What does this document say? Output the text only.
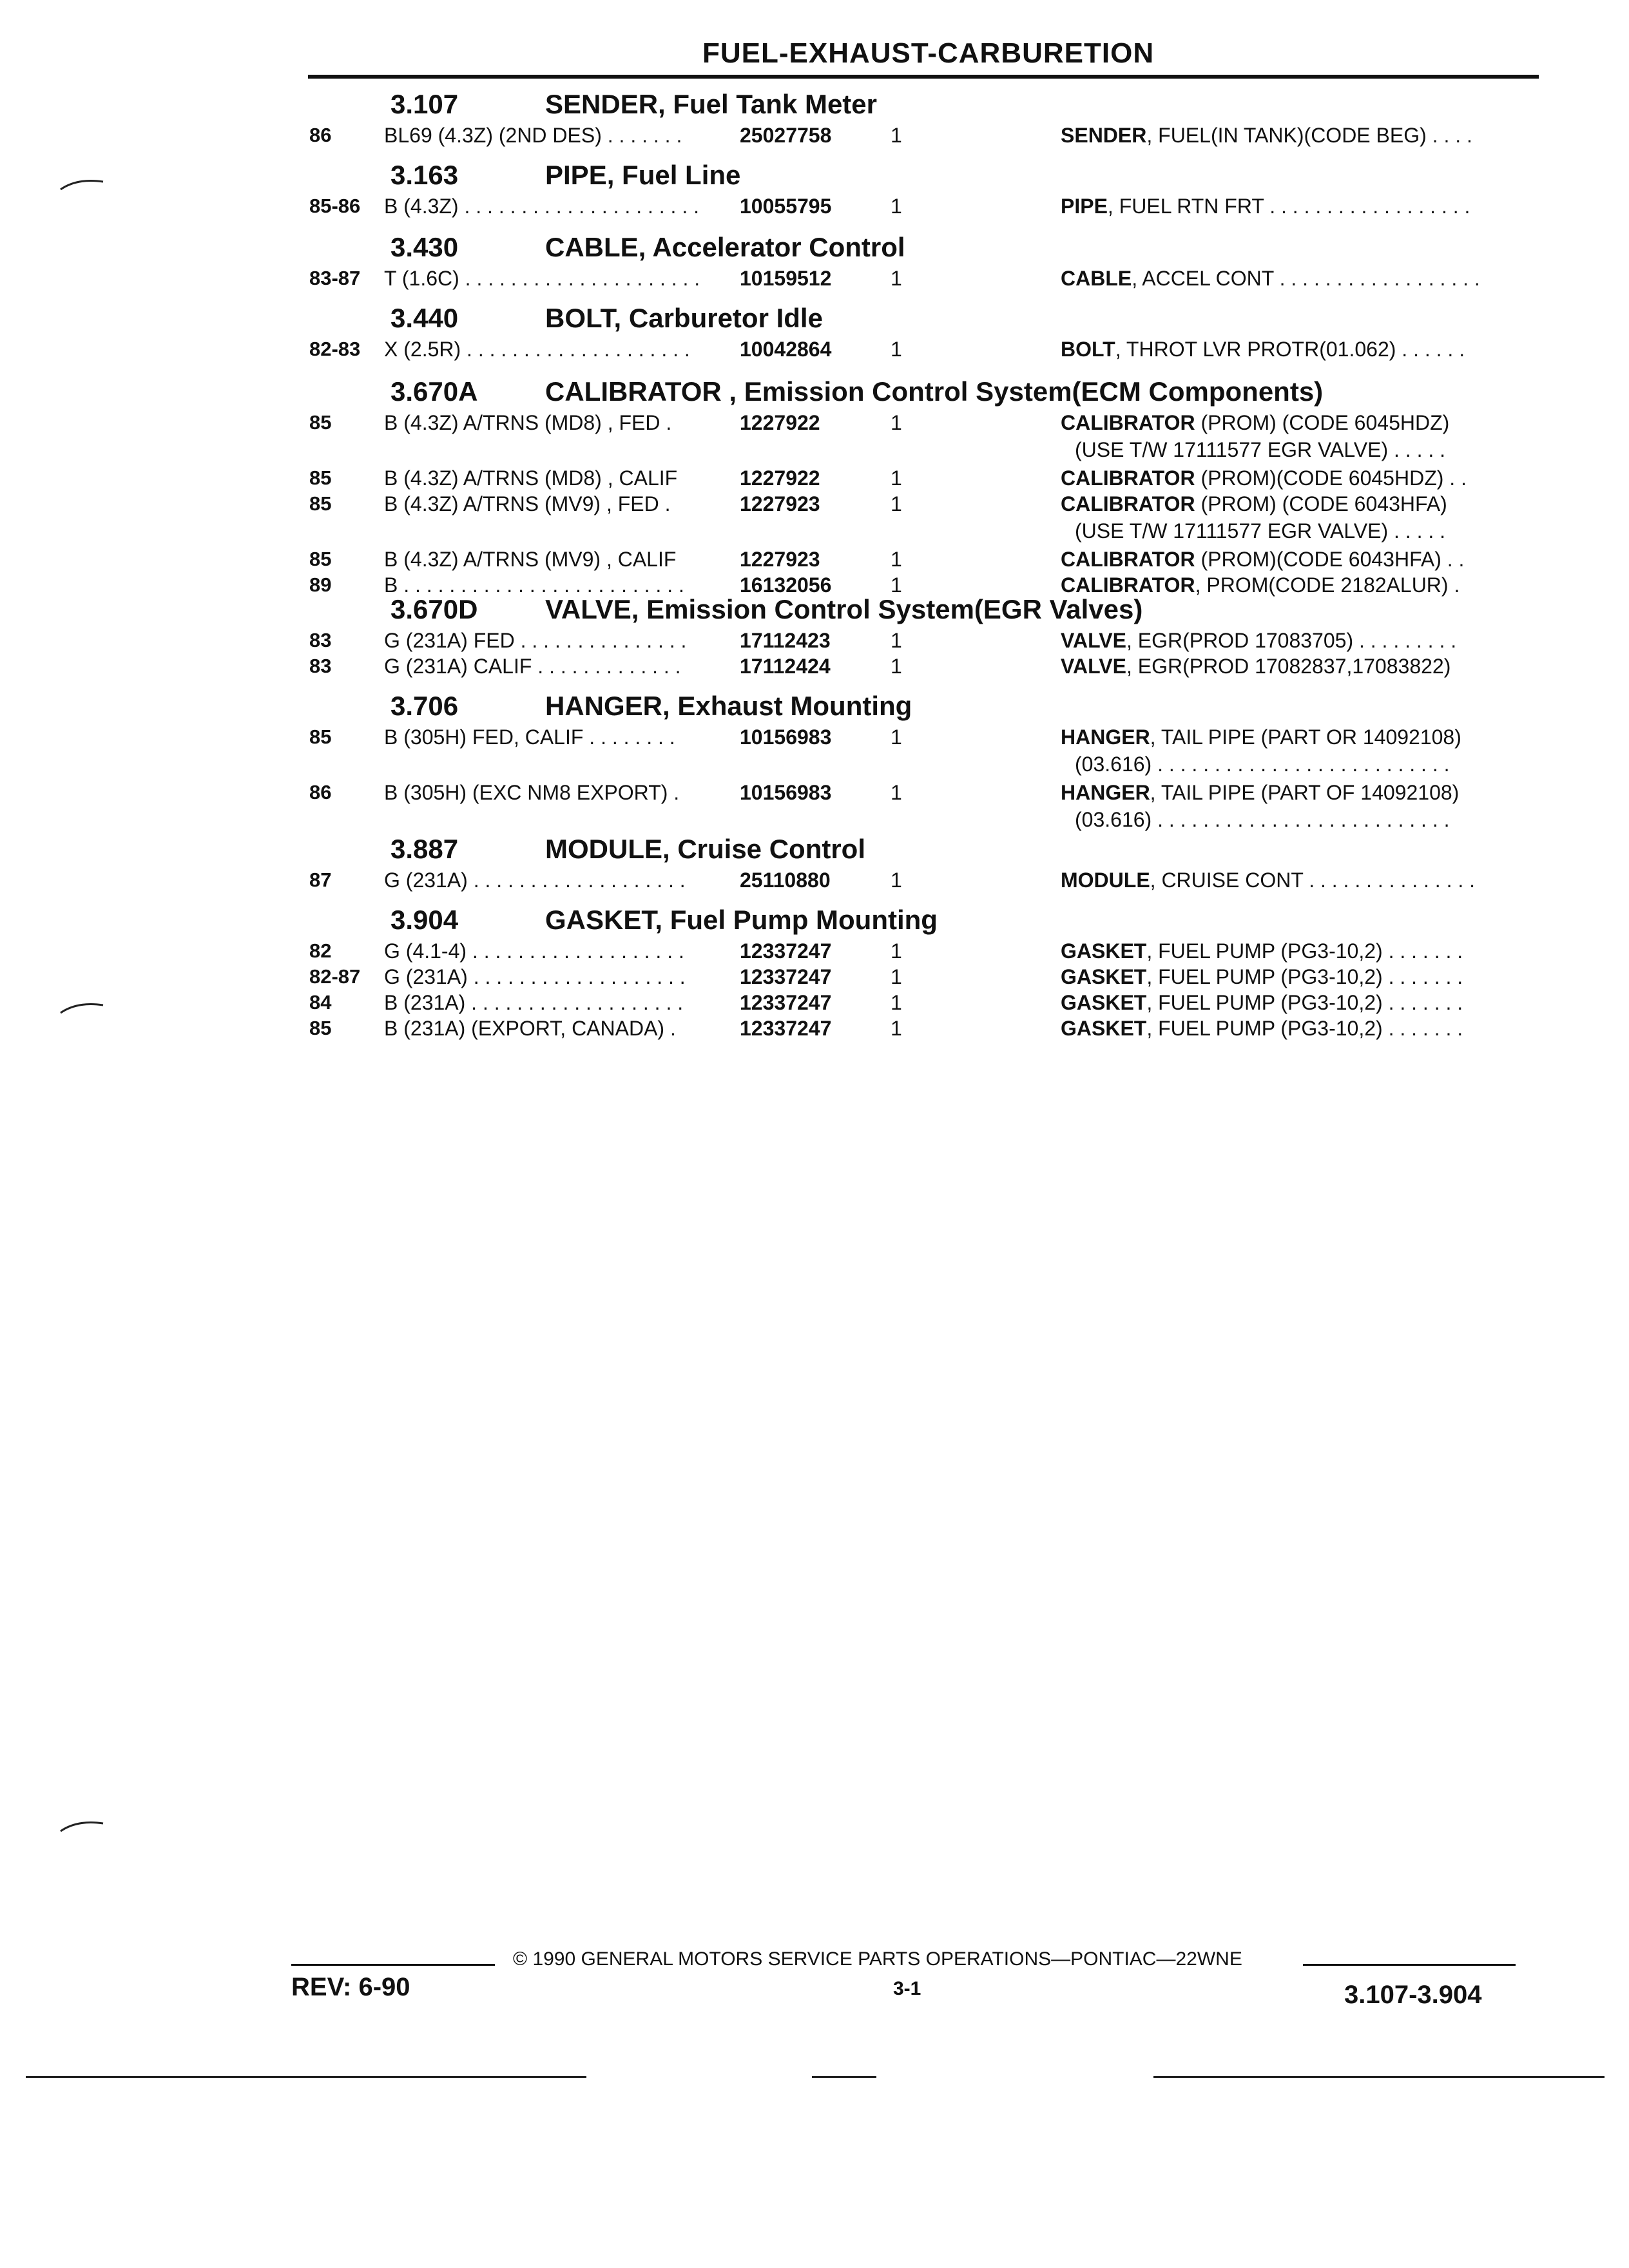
FUEL-EXHAUST-CARBURETION
3.107	SENDER, Fuel Tank Meter
86	BL69 (4.3Z) (2ND DES) . . . . . . .	25027758	1	SENDER, FUEL(IN TANK)(CODE BEG) . . . .
3.163	PIPE, Fuel Line
85-86 B (4.3Z) . . . . . . . . . . . . . . . . . . . . .	10055795	1	PIPE, FUEL RTN FRT . . . . . . . . . . . . . . . . . .
3.430	CABLE, Accelerator Control
83-87 T (1.6C) . . . . . . . . . . . . . . . . . . . . .	10159512	1	CABLE, ACCEL CONT . . . . . . . . . . . . . . . . . .
3.440	BOLT, Carburetor Idle
82-83 X (2.5R) . . . . . . . . . . . . . . . . . . . .	10042864	1	BOLT, THROT LVR PROTR(01.062) . . . . . .
3.670A CALIBRATOR , Emission Control System(ECM Components)
85	B (4.3Z) A/TRNS (MD8) , FED .	1227922	1	CALIBRATOR (PROM) (CODE 6045HDZ)
(USE T/W 17111577 EGR VALVE) . . . . .
85	B (4.3Z) A/TRNS (MD8) , CALIF	1227922	1	CALIBRATOR (PROM)(CODE 6045HDZ) . .
85	B (4.3Z) A/TRNS (MV9) , FED .	1227923	1	CALIBRATOR (PROM) (CODE 6043HFA)
(USE T/W 17111577 EGR VALVE) . . . . .
85	B (4.3Z) A/TRNS (MV9) , CALIF	1227923	1	CALIBRATOR (PROM)(CODE 6043HFA) . .
89	B . . . . . . . . . . . . . . . . . . . . . . . . .	16132056	1	CALIBRATOR, PROM(CODE 2182ALUR) .
3.670D VALVE, Emission Control System(EGR Valves)
83	G (231A) FED . . . . . . . . . . . . . . .	17112423	1	VALVE, EGR(PROD 17083705) . . . . . . . . .
83	G (231A) CALIF . . . . . . . . . . . . .	17112424	1	VALVE, EGR(PROD 17082837,17083822)
3.706	HANGER, Exhaust Mounting
85	B (305H) FED, CALIF . . . . . . . .	10156983	1	HANGER, TAIL PIPE (PART OR 14092108)
(03.616) . . . . . . . . . . . . . . . . . . . . . . . . . .
86	B (305H) (EXC NM8 EXPORT) .	10156983	1	HANGER, TAIL PIPE (PART OF 14092108)
(03.616) . . . . . . . . . . . . . . . . . . . . . . . . . .
3.887	MODULE, Cruise Control
87	G (231A) . . . . . . . . . . . . . . . . . . .	25110880	1	MODULE, CRUISE CONT . . . . . . . . . . . . . . .
3.904	GASKET, Fuel Pump Mounting
82	G (4.1-4) . . . . . . . . . . . . . . . . . . .	12337247	1	GASKET, FUEL PUMP (PG3-10,2) . . . . . . .
82-87 G (231A) . . . . . . . . . . . . . . . . . . .	12337247	1	GASKET, FUEL PUMP (PG3-10,2) . . . . . . .
84	B (231A) . . . . . . . . . . . . . . . . . . .	12337247	1	GASKET, FUEL PUMP (PG3-10,2) . . . . . . .
85	B (231A) (EXPORT, CANADA) .	12337247	1	GASKET, FUEL PUMP (PG3-10,2) . . . . . . .
© 1990 GENERAL MOTORS SERVICE PARTS OPERATIONS—PONTIAC—22WNE
REV: 6-90	3-1	3.107-3.904
